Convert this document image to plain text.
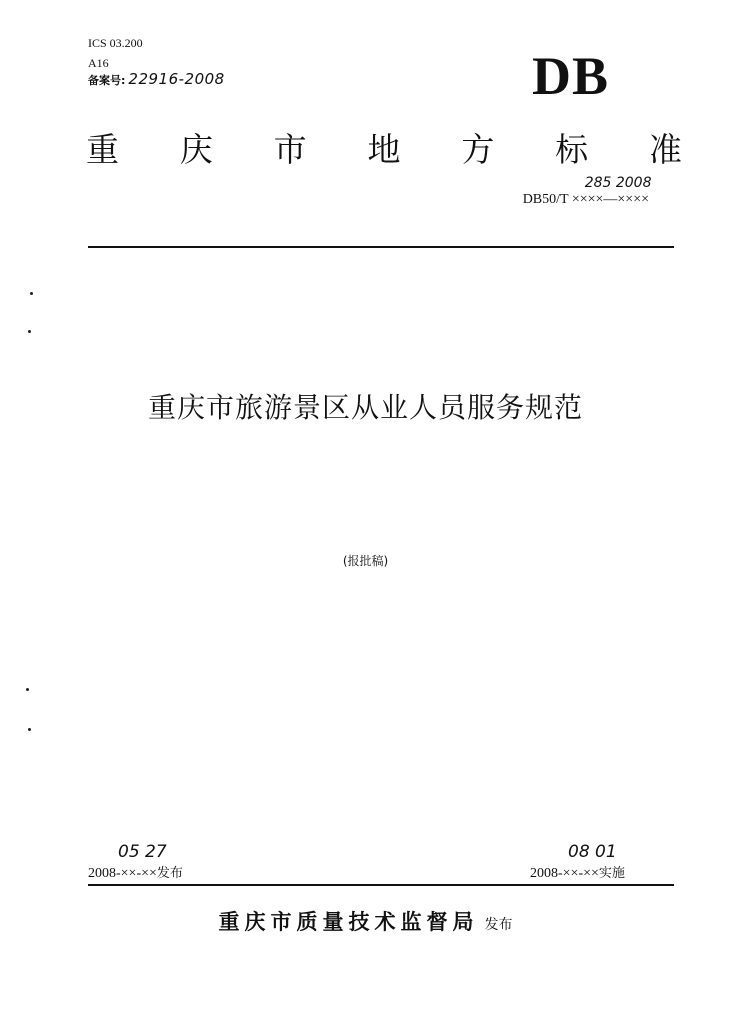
ICS 03.200
A16
备案号: 22916-2008	DB
重 庆 市 地 方 标 准
DB50/T ××××—××××
285 2008
重庆市旅游景区从业人员服务规范
(报批稿)
2008-××-××发布
05 27
2008-××-××实施
08 01
重庆市质量技术监督局 发布
